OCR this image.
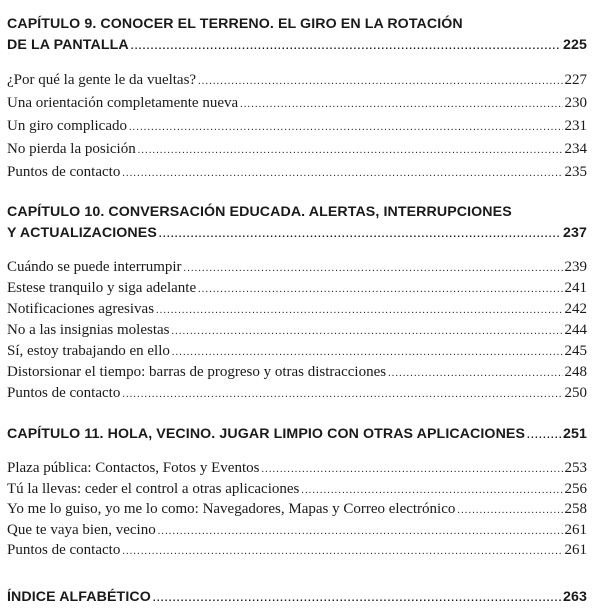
CAPÍTULO 9. CONOCER EL TERRENO. EL GIRO EN LA ROTACIÓN
DE LA PANTALLA .....	225
¿Por qué la gente le da vueltas? .....	227
Una orientación completamente nueva .....	230
Un giro complicado .....	231
No pierda la posición .....	234
Puntos de contacto .....	235
CAPÍTULO 10. CONVERSACIÓN EDUCADA. ALERTAS, INTERRUPCIONES
Y ACTUALIZACIONES .....	237
Cuándo se puede interrumpir .....	239
Estese tranquilo y siga adelante .....	241
Notificaciones agresivas .....	242
No a las insignias molestas .....	244
Sí, estoy trabajando en ello .....	245
Distorsionar el tiempo: barras de progreso y otras distracciones .....	248
Puntos de contacto .....	250
CAPÍTULO 11. HOLA, VECINO. JUGAR LIMPIO CON OTRAS APLICACIONES .....	251
Plaza pública: Contactos, Fotos y Eventos .....	253
Tú la llevas: ceder el control a otras aplicaciones .....	256
Yo me lo guiso, yo me lo como: Navegadores, Mapas y Correo electrónico .....	258
Que te vaya bien, vecino .....	261
Puntos de contacto .....	261
ÍNDICE ALFABÉTICO .....	263
